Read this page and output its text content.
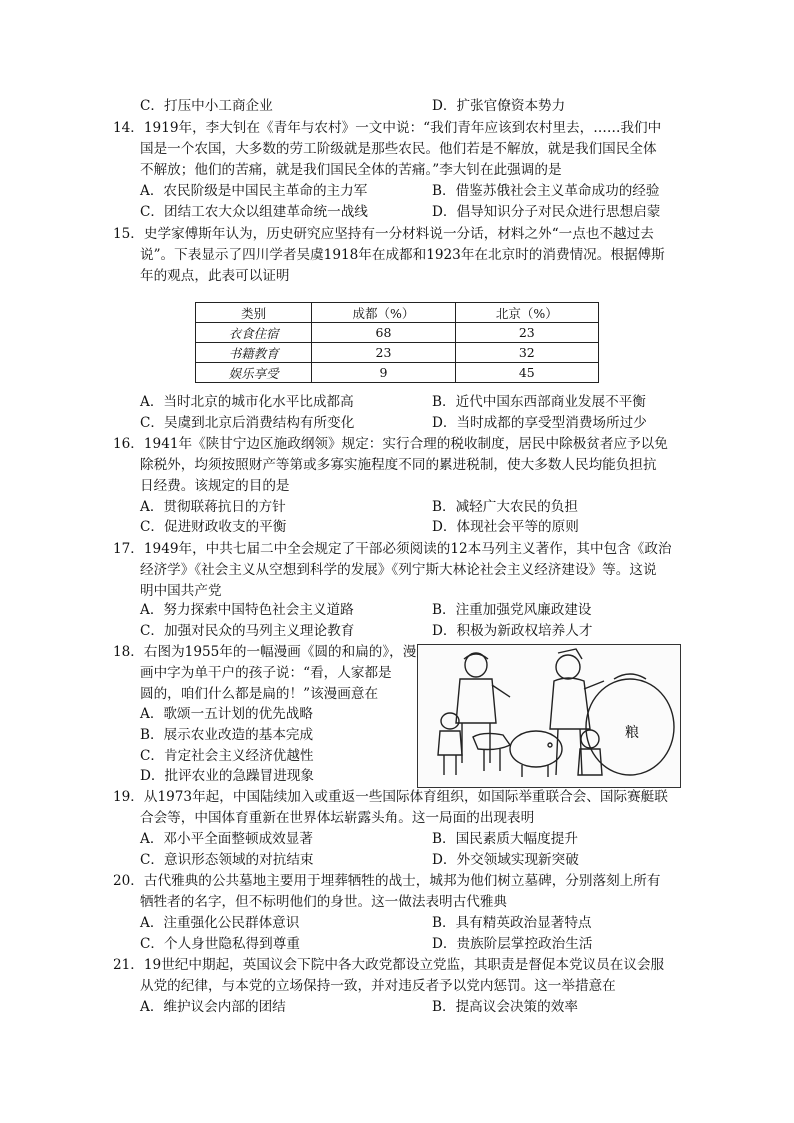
C．打压中小工商企业	D．扩张官僚资本势力
14．1919年，李大钊在《青年与农村》一文中说：“我们青年应该到农村里去，……我们中
国是一个农国，大多数的劳工阶级就是那些农民。他们若是不解放，就是我们国民全体
不解放；他们的苦痛，就是我们国民全体的苦痛。”李大钊在此强调的是
A．农民阶级是中国民主革命的主力军	B．借鉴苏俄社会主义革命成功的经验
C．团结工农大众以组建革命统一战线	D．倡导知识分子对民众进行思想启蒙
15．史学家傅斯年认为，历史研究应坚持有一分材料说一分话，材料之外“一点也不越过去
说”。下表显示了四川学者吴虞1918年在成都和1923年在北京时的消费情况。根据傅斯
年的观点，此表可以证明
类别	成都（%）	北京（%）
衣食住宿	68	23
书籍教育	23	32
娱乐享受	9	45
A．当时北京的城市化水平比成都高	B．近代中国东西部商业发展不平衡
C．吴虞到北京后消费结构有所变化	D．当时成都的享受型消费场所过少
16．1941年《陕甘宁边区施政纲领》规定：实行合理的税收制度，居民中除极贫者应予以免
除税外，均须按照财产等第或多寡实施程度不同的累进税制，使大多数人民均能负担抗
日经费。该规定的目的是
A．贯彻联蒋抗日的方针	B．减轻广大农民的负担
C．促进财政收支的平衡	D．体现社会平等的原则
17．1949年，中共七届二中全会规定了干部必须阅读的12本马列主义著作，其中包含《政治
经济学》《社会主义从空想到科学的发展》《列宁斯大林论社会主义经济建设》等。这说
明中国共产党
A．努力探索中国特色社会主义道路	B．注重加强党风廉政建设
C．加强对民众的马列主义理论教育	D．积极为新政权培养人才
18．右图为1955年的一幅漫画《圆的和扁的》，漫
画中字为单干户的孩子说：“看，人家都是
圆的，咱们什么都是扁的！”该漫画意在
A．歌颂一五计划的优先战略
B．展示农业改造的基本完成
C．肯定社会主义经济优越性
D．批评农业的急躁冒进现象
粮
19．从1973年起，中国陆续加入或重返一些国际体育组织，如国际举重联合会、国际赛艇联
合会等，中国体育重新在世界体坛崭露头角。这一局面的出现表明
A．邓小平全面整顿成效显著	B．国民素质大幅度提升
C．意识形态领域的对抗结束	D．外交领域实现新突破
20．古代雅典的公共墓地主要用于埋葬牺牲的战士，城邦为他们树立墓碑，分别落刻上所有
牺牲者的名字，但不标明他们的身世。这一做法表明古代雅典
A．注重强化公民群体意识	B．具有精英政治显著特点
C．个人身世隐私得到尊重	D．贵族阶层掌控政治生活
21．19世纪中期起，英国议会下院中各大政党都设立党监，其职责是督促本党议员在议会服
从党的纪律，与本党的立场保持一致，并对违反者予以党内惩罚。这一举措意在
A．维护议会内部的团结	B．提高议会决策的效率
